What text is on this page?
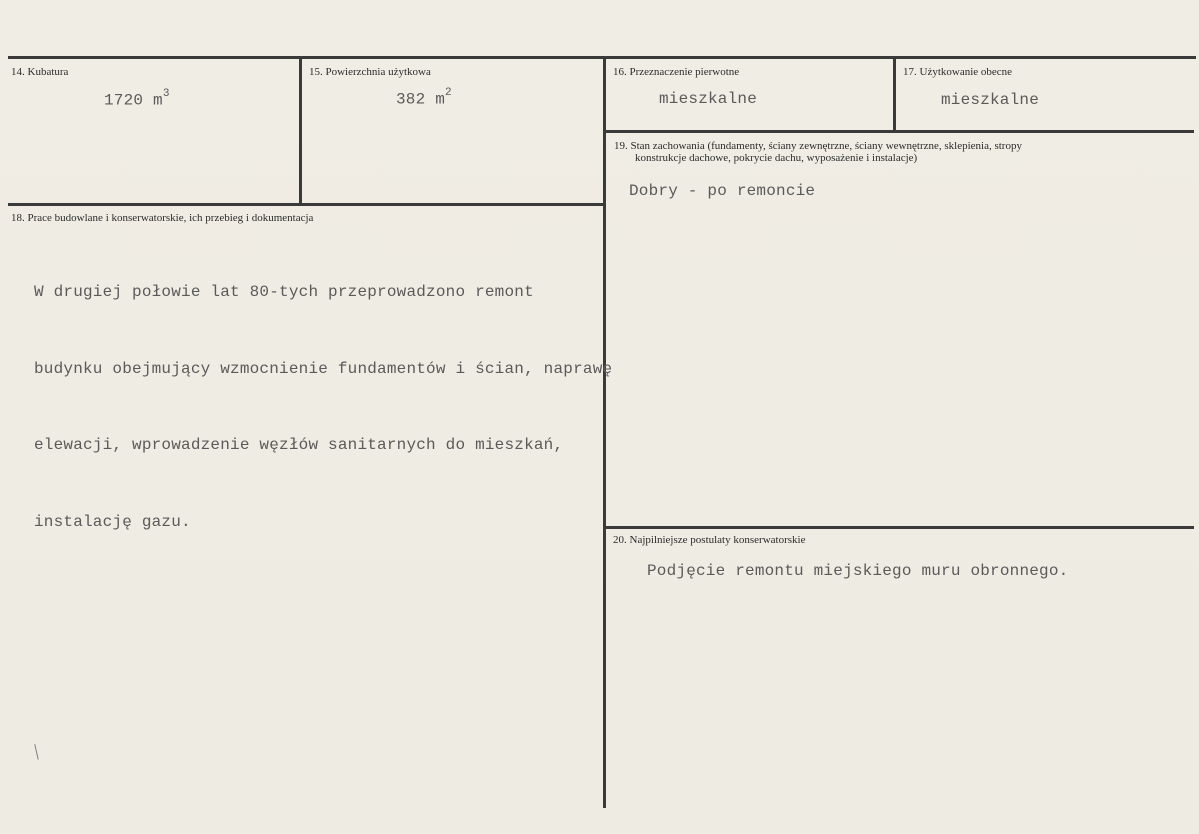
14. Kubatura
1720 $m^3$
15. Powierzchnia użytkowa
382 $m^2$
16. Przeznaczenie pierwotne
mieszkalne
17. Użytkowanie obecne
mieszkalne
19. Stan zachowania (fundamenty, ściany zewnętrzne, ściany wewnętrzne, sklepienia, stropy
konstrukcje dachowe, pokrycie dachu, wyposażenie i instalacje)
Dobry - po remoncie
18. Prace budowlane i konserwatorskie, ich przebieg i dokumentacja

W drugiej połowie lat 80-tych przeprowadzono remont

budynku obejmujący wzmocnienie fundamentów i ścian, naprawę

elewacji, wprowadzenie węzłów sanitarnych do mieszkań,

instalację gazu.

20. Najpilniejsze postulaty konserwatorskie
Podjęcie remontu miejskiego muru obronnego.
╱
